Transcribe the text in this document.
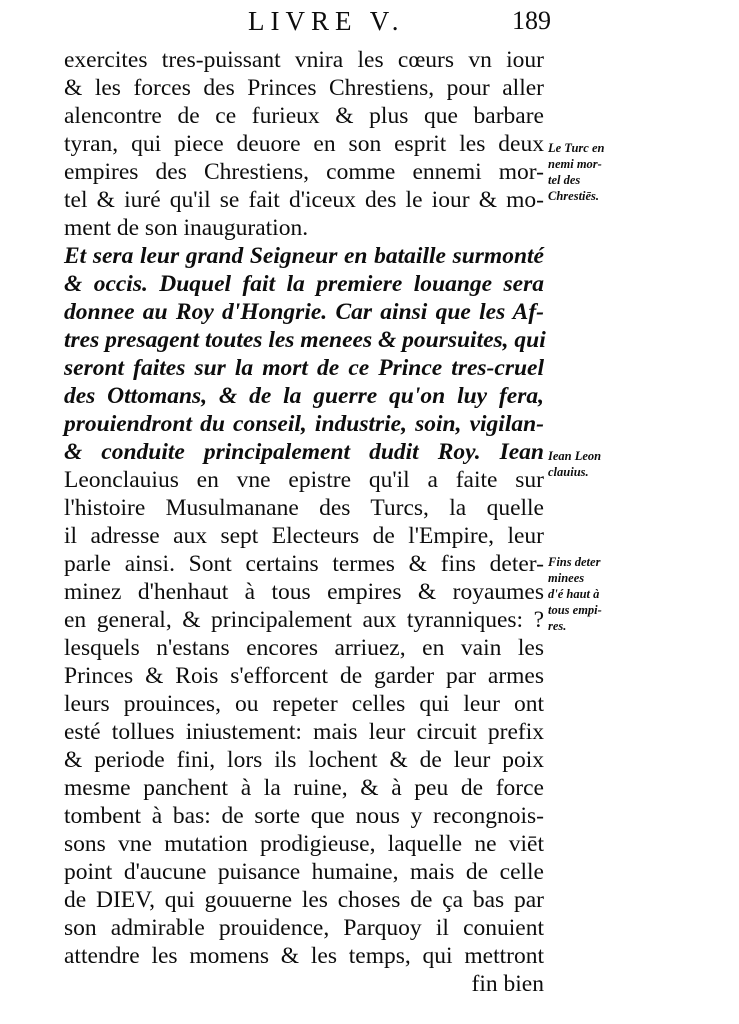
LIVRE V.	189
exercites tres-puissant vnira les cœurs vn iour
& les forces des Princes Chrestiens, pour aller
alencontre de ce furieux & plus que barbare
tyran, qui piece deuore en son esprit les deux
empires des Chrestiens, comme ennemi mor-
tel & iuré qu'il se fait d'iceux des le iour & mo-
ment de son inauguration.
Et sera leur grand Seigneur en bataille surmonté
& occis. Duquel fait la premiere louange sera
donnee au Roy d'Hongrie. Car ainsi que les Af-
tres presagent toutes les menees & poursuites, qui
seront faites sur la mort de ce Prince tres-cruel
des Ottomans, & de la guerre qu'on luy fera,
prouiendront du conseil, industrie, soin, vigilan-
& conduite principalement dudit Roy. Iean
Leonclauius en vne epistre qu'il a faite sur
l'histoire Musulmanane des Turcs, la quelle
il adresse aux sept Electeurs de l'Empire, leur
parle ainsi. Sont certains termes & fins deter-
minez d'henhaut à tous empires & royaumes
en general, & principalement aux tyranniques: ?
lesquels n'estans encores arriuez, en vain les
Princes & Rois s'efforcent de garder par armes
leurs prouinces, ou repeter celles qui leur ont
esté tollues iniustement: mais leur circuit prefix
& periode fini, lors ils lochent & de leur poix
mesme panchent à la ruine, & à peu de force
tombent à bas: de sorte que nous y recongnois-
sons vne mutation prodigieuse, laquelle ne viēt
point d'aucune puisance humaine, mais de celle
de DIEV, qui gouuerne les choses de ça bas par
son admirable prouidence, Parquoy il conuient
attendre les momens & les temps, qui mettront
fin bien
Le Turc en
nemi mor-
tel des
Chrestiēs.
Iean Leon
clauius.
Fins deter
minees
d'é haut à
tous empi-
res.
